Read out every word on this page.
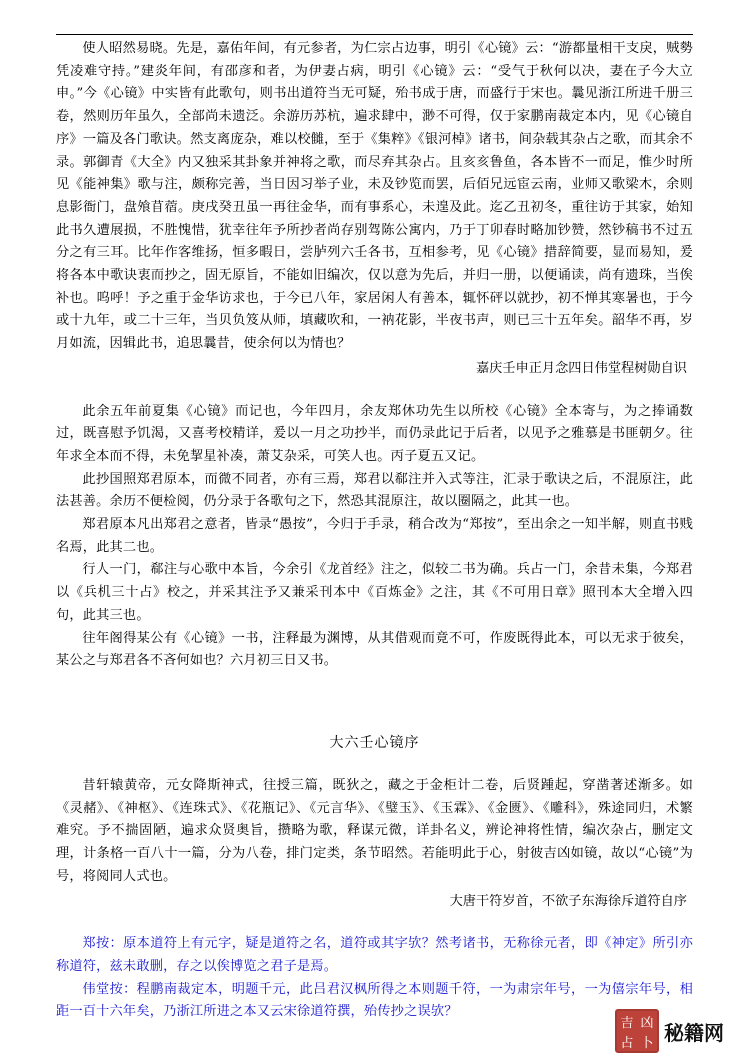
使人昭然易晓。先是，嘉佑年间，有元参者，为仁宗占边事，明引《心镜》云：“游都量相干支戾，贼勢凭凌难守持。”建炎年间，有邵彦和者，为伊妻占病，明引《心镜》云：“受气于秋何以决，妻在子今大立申。”今《心镜》中实皆有此歌句，则书出道符当无可疑，殆书成于唐，而盛行于宋也。曩见浙江所进千册三卷，然则历年虽久，全部尚未遗泛。余游历苏杭，遍求肆中，渺不可得，仅于家鹏南裁定本内，见《心镜自序》一篇及各门歌诀。然支离庞杂，难以校雠，至于《集粹》《银河棹》诸书，间杂载其杂占之歌，而其余不录。郭御青《大全》内又独采其卦象并神将之歌，而尽弃其杂占。且亥亥鲁鱼，各本皆不一而足，惟少时所见《能神集》歌与注，颇称完善，当日因习举子业，未及钞览而罢，后佰兄远宦云南，业师又歌梁木，余则息影衙门，盘飧苜蓿。庚戌癸丑虽一再往金华，而有事系心，未遑及此。迄乙丑初冬，重往访于其家，始知此书久遭展损，不胜愧惜，犹幸往年予所抄者尚存别驾陈公寓内，乃于丁卯春时略加钞赞，然钞稿书不过五分之有三耳。比年作客维扬，恒多暇日，尝胪列六壬各书，互相参考，见《心镜》措辞简要，显而易知，爰将各本中歌诀衷而抄之，固无原旨，不能如旧编次，仅以意为先后，并归一册，以便诵读，尚有遗珠，当俟补也。呜呼！予之重于金华访求也，于今已八年，家居闲人有善本，辄怀砰以就抄，初不惮其寒暑也，于今或十九年，或二十三年，当贝负笈从师，填藏吹和，一衲花影，半夜书声，则已三十五年矣。韶华不再，岁月如流，因辑此书，追思曩昔，使余何以为情也？

嘉庆壬申正月念四日伟堂程树勋自识

此余五年前夏集《心镜》而记也，今年四月，余友郑休功先生以所校《心镜》全本寄与，为之捧诵数过，既喜慰予饥渴，又喜考校精详，爰以一月之功抄半，而仍录此记于后者，以见予之雅慕是书匪朝夕。往年求全本而不得，未免挈星补凑，萧艾杂采，可笑人也。丙子夏五又记。

此抄国照郑君原本，而微不同者，亦有三焉，郑君以郗注并入式等注，汇录于歌诀之后，不混原注，此法甚善。余历不便检阅，仍分录于各歌句之下，然恐其混原注，故以圈隔之，此其一也。

郑君原本凡出郑君之意者，皆录“愚按”，今归于手录，稍合改为“郑按”，至出余之一知半解，则直书贱名焉，此其二也。

行人一门，郗注与心歌中本旨，今余引《龙首经》注之，似较二书为确。兵占一门，余昔未集，今郑君以《兵机三十占》校之，并采其注予又兼采刊本中《百炼金》之注，其《不可用日章》照刊本大全增入四句，此其三也。

往年阁得某公有《心镜》一书，注释最为渊博，从其借观而竟不可，作废既得此本，可以无求于彼矣，某公之与郑君各不吝何如也？六月初三日又书。

大六壬心镜序

昔轩辕黄帝，元女降斯神式，往授三篇，既狄之，藏之于金柜计二卷，后贤踵起，穿凿著述渐多。如《灵赭》、《神枢》、《连珠式》、《花瓶记》、《元言华》、《璧玉》、《玉霖》、《金匮》、《雕科》，殊途同归，术繁难究。予不揣固陋，遍求众贤奥旨，攒略为歌，释谋元微，详卦名义，辨论神将性情，编次杂占，删定文理，计条格一百八十一篇，分为八卷，排门定类，条节昭然。若能明此于心，射彼吉凶如镜，故以“心镜”为号，将阅同人式也。

大唐干符岁首，不欲子东海徐斥道符自序

郑按：原本道符上有元字，疑是道符之名，道符或其字欤？然考诸书，无称徐元者，即《神定》所引亦称道符，兹未敢删，存之以俟博览之君子是焉。

伟堂按：程鹏南裁定本，明题千元，此吕君汉枫所得之本则题千符，一为肃宗年号，一为僖宗年号，相距一百十六年矣，乃浙江所进之本又云宋徐道符撰，殆传抄之误欤？

吉 凶
占 卜 秘籍网
